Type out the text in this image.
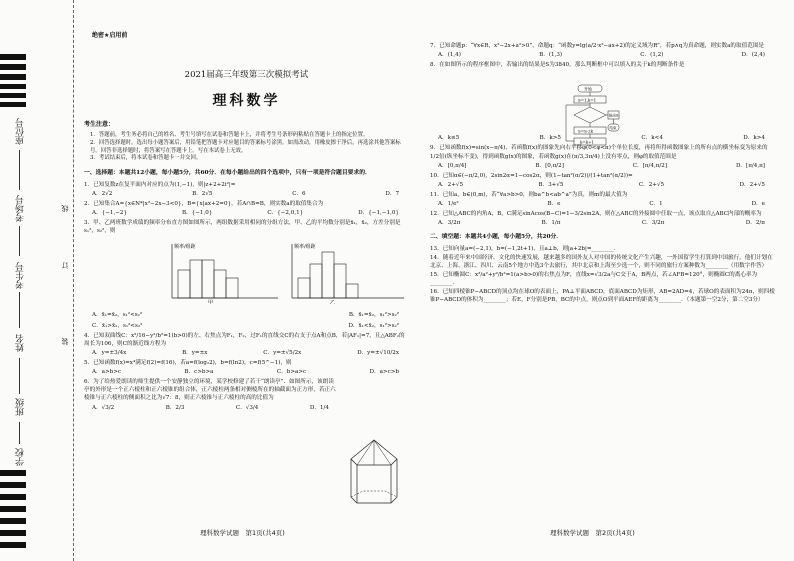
座位号
考场号
考生号
姓名
班级
学校
线
订
装
绝密★启用前
2021届高三年级第三次模拟考试
理科数学
考生注意：
1．答题前，考生务必将自己的姓名、考生号填写在试卷和答题卡上，并将考生号条形码粘贴在答题卡上的指定位置。
2．回答选择题时，选出每小题答案后，用铅笔把答题卡对应题目的答案标号涂黑。如需改动，用橡皮擦干净后，再选涂其他答案标号。回答非选择题时，将答案写在答题卡上。写在本试卷上无效。
3．考试结束后，将本试卷和答题卡一并交回。
一、选择题：本题共12小题，每小题5分，共60分．在每小题给出的四个选项中，只有一项是符合题目要求的．
1．已知复数z在复平面内对应的点为(1,−1)，则|z+2+2i²|=
A．2√2	B．2√5	C．6	D．7
2．已知集合A={x∈N*|x²−2x−3<0}，B={x|ax+2=0}，若A∩B=B，则实数a的取值集合为
A．{−1,−2}	B．{−1,0}	C．{−2,0,1}	D．{−1,−1,0}
3．甲、乙两班数学成绩的频率分布直方图如图所示，两组数据采用相同的分组方法，甲、乙的平均数分别是x̄₁，x̄₂，方差分别是s₁²，s₂²，则
频率/组距
甲
频率/组距
乙
A．x̄₁=x̄₂，s₁²<s₂²	B．x̄₁=x̄₂，s₁²>s₂²
C．x̄₁>x̄₂，s₁²<s₂²	D．x̄₁<x̄₂，s₁²>s₂²
4．已知双曲线C：x²/16−y²/b²=1(b>0)的左、右焦点为F₁，F₂，过F₁的直线交C的右支于点A和点B，若|AF₁|=7，且△ABF₂的周长为106，则C的渐近线方程为
A．y=±3/4x	B．y=±x	C．y=±√5/2x	D．y=±√10/2x
5．已知函数f(x)=x⁴满足f(2)=f(16)，若a=f(log₂2)，b=f(ln2)，c=f(5^−1)，则
A．a>b>c	B．c>b>a	C．b>a>c	D．a>c>b
6．为了给热爱朗读的师生提供一个安静独立的环境，某学校修建了若干“朗读亭”．如图所示，该朗读亭的外形是一个正六棱柱和正六棱锥的组合体，正六棱柱两条相对侧棱所在的轴截面为正方形，若正六棱锥与正六棱柱的侧面积之比为√7：8，则正六棱锥与正六棱柱的高的比值为
A．√3/2	B．2/3	C．√3/4	D．1/4
理科数学试题　第1页(共4页)
开始
S=1,k=1
S=S·2k
k=k+1
输出S
结束
7．已知命题p：“∀x∈R，x²−2x+a²>0”，命题q：“函数y=lg(a/2·x²−ax+2)的定义域为R”，若p∧q为真命题，则实数a的取值范围是
A．(1,4)	B．(1,3)	C．(1,2)	D．(2,4)
8．在如图所示的程序框图中，若输出的结果是S为3840，那么判断框中可以填入的关于k的判断条件是
A．k≤5	B．k>5	C．k<4	D．k>4
9．已知函数f(x)=sin(x−π/4)，若函数f(x)的图象先向右平移φ(0<φ<π)个单位长度，再将所得函数图象上的所有点的横坐标变为原来的1/2倍(纵坐标不变)，得到函数g(x)的图象，若函数g(x)在(π/3,3π/4)上没有零点，则φ的取值范围是
A．[0,π/4]	B．[0,π/2]	C．[π/4,π/2]	D．[π/4,π]
10．已知α∈(−π/2,0)，2sin2α=1−cos2α，则(1−tan²(α/2))/(1+tan²(α/2))=
A．2+√5	B．3+√5	C．2+√5	D．2+√5
11．已知a，b∈(0,m)，若“∀a>b>0，则ba^b<ab^a”为真，则m的最大值为
A．1/e²	B．e	C．1	D．e
12．已知△ABC的内角A，B，C满足sinAcos(B−C)=1−3/2sin2A，则在△ABC的外接圆中任取一点，该点取自△ABC内部的概率为
A．3/2π	B．1/π	C．3/2π	D．2/π
二、填空题：本题共4小题，每小题5分，共20分．
13．已知向量a=(−2,1)，b=(−1,2t+1)，且a⊥b，则|a+2b|=________．
14．随着近年来中国经济、文化的快速发展，越来越多的国外友人对中国的传统文化产生兴趣，一外国留学生打算到中国旅行，他们计划在北京、上海、浙江、四川、云南5个地方中选3个去旅行，其中北京和上海至少选一个，则不同的旅行方案种数为________（用数字作答）
15．已知椭圆C：x²/a²+y²/b²=1(a>b>0)的右焦点为F，直线x=√3/2a与C交于A，B两点，若∠AFB=120°，则椭圆C的离心率为________．
16．已知四棱锥P−ABCD的顶点均在球O的表面上，PA⊥平面ABCD，底面ABCD为矩形，AB=2AD=4，若球O的表面积为24π，则四棱锥P−ABCD的体积为________；若E，F分别是PB，BC的中点，则点O到平面AEF的距离为________．（本题第一空2分，第二空3分）
理科数学试题　第2页(共4页)
